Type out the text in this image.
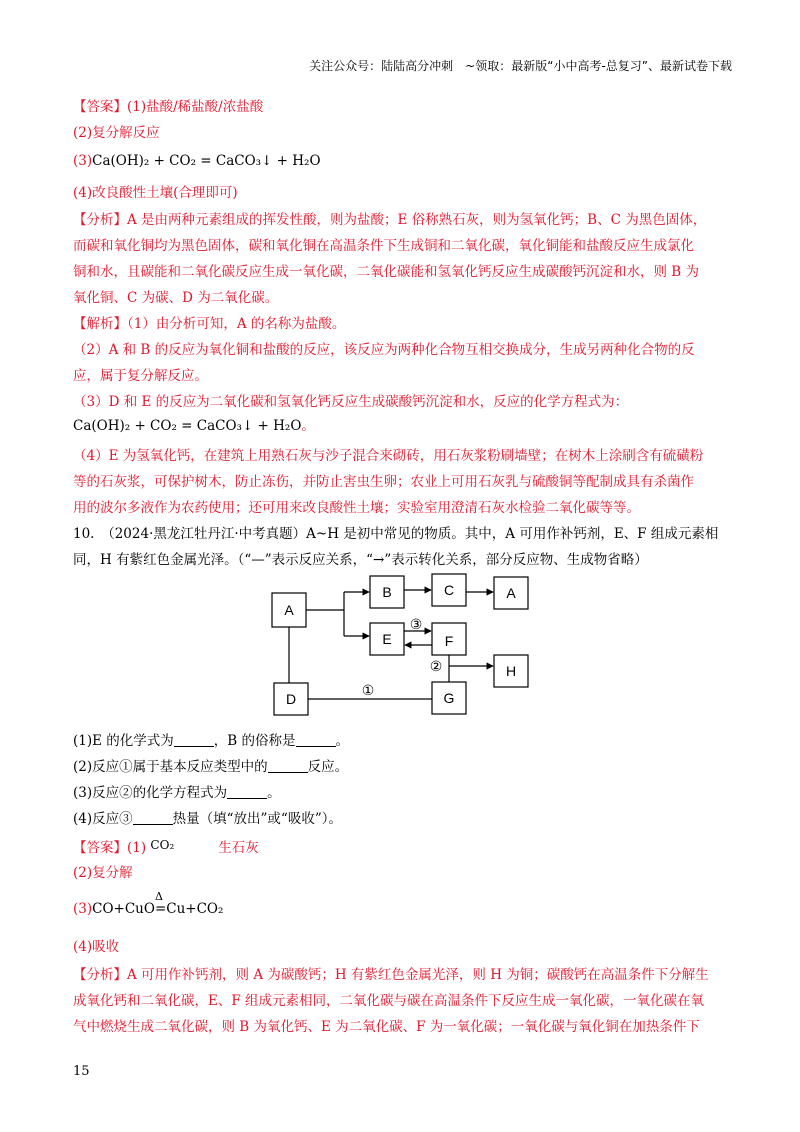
关注公众号：陆陆高分冲刺　~领取：最新版“小中高考-总复习”、最新试卷下载
【答案】(1)盐酸/稀盐酸/浓盐酸
(2)复分解反应
(3)Ca(OH)₂ + CO₂ = CaCO₃↓ + H₂O
(4)改良酸性土壤(合理即可)
【分析】A 是由两种元素组成的挥发性酸，则为盐酸；E 俗称熟石灰，则为氢氧化钙；B、C 为黑色固体，
而碳和氧化铜均为黑色固体，碳和氧化铜在高温条件下生成铜和二氧化碳，氧化铜能和盐酸反应生成氯化
铜和水，且碳能和二氧化碳反应生成一氧化碳，二氧化碳能和氢氧化钙反应生成碳酸钙沉淀和水，则 B 为
氧化铜、C 为碳、D 为二氧化碳。
【解析】（1）由分析可知，A 的名称为盐酸。
（2）A 和 B 的反应为氧化铜和盐酸的反应，该反应为两种化合物互相交换成分，生成另两种化合物的反
应，属于复分解反应。
（3）D 和 E 的反应为二氧化碳和氢氧化钙反应生成碳酸钙沉淀和水，反应的化学方程式为：
Ca(OH)₂ + CO₂ = CaCO₃↓ + H₂O。
（4）E 为氢氧化钙，在建筑上用熟石灰与沙子混合来砌砖，用石灰浆粉刷墙壁；在树木上涂刷含有硫磺粉
等的石灰浆，可保护树木，防止冻伤，并防止害虫生卵；农业上可用石灰乳与硫酸铜等配制成具有杀菌作
用的波尔多液作为农药使用；还可用来改良酸性土壤；实验室用澄清石灰水检验二氧化碳等等。
10.　（2024·黑龙江牡丹江·中考真题）A~H 是初中常见的物质。其中，A 可用作补钙剂，E、F 组成元素相
同，H 有紫红色金属光泽。（“—”表示反应关系，“→”表示转化关系，部分反应物、生成物省略）
A
B	C	A
E	F
H
D	G
③
②
①
(1)E 的化学式为	，B 的俗称是	。
(2)反应①属于基本反应类型中的	反应。
(3)反应②的化学方程式为	。
(4)反应③	热量（填“放出”或“吸收”）。
【答案】(1) CO₂	生石灰
(2)复分解
(3)CO+CuO
Δ
=Cu+CO₂
(4)吸收
【分析】A 可用作补钙剂，则 A 为碳酸钙；H 有紫红色金属光泽，则 H 为铜；碳酸钙在高温条件下分解生
成氧化钙和二氧化碳，E、F 组成元素相同，二氧化碳与碳在高温条件下反应生成一氧化碳，一氧化碳在氧
气中燃烧生成二氧化碳，则 B 为氧化钙、E 为二氧化碳、F 为一氧化碳；一氧化碳与氧化铜在加热条件下
15
